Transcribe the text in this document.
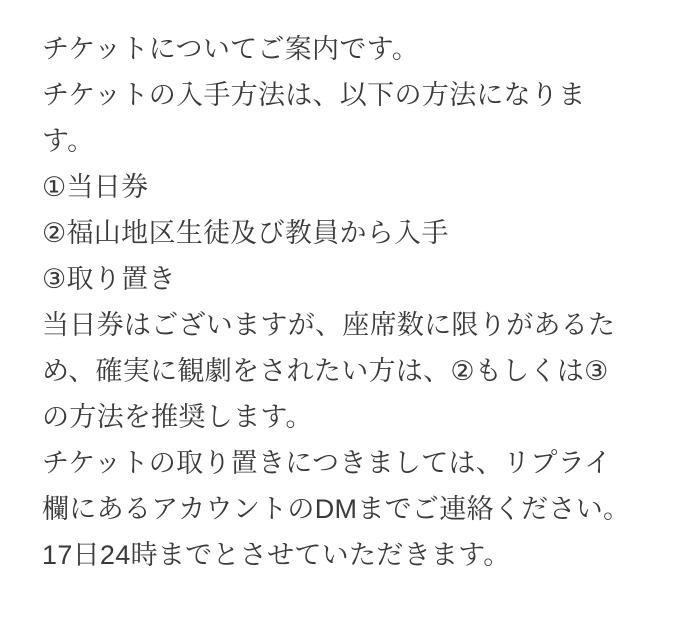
チケットについてご案内です。

チケットの入手方法は、以下の方法になります。

①当日券

②福山地区生徒及び教員から入手

③取り置き

当日券はございますが、座席数に限りがあるため、確実に観劇をされたい方は、②もしくは③の方法を推奨します。

チケットの取り置きにつきましては、リプライ欄にあるアカウントのDMまでご連絡ください。

17日24時までとさせていただきます。
